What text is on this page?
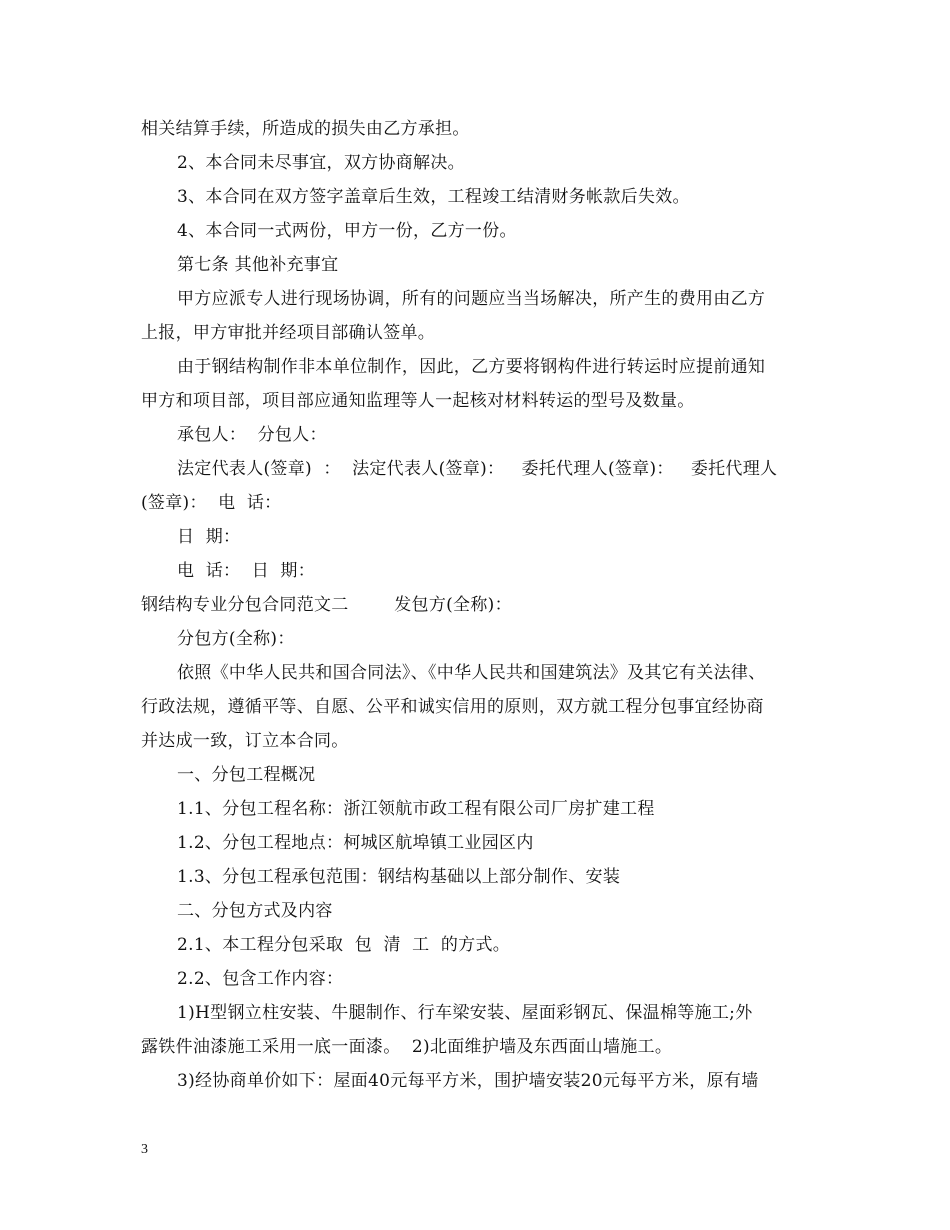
相关结算手续，所造成的损失由乙方承担。
2、本合同未尽事宜，双方协商解决。
3、本合同在双方签字盖章后生效，工程竣工结清财务帐款后失效。
4、本合同一式两份，甲方一份，乙方一份。
第七条 其他补充事宜
甲方应派专人进行现场协调，所有的问题应当当场解决，所产生的费用由乙方
上报，甲方审批并经项目部确认签单。
由于钢结构制作非本单位制作，因此，乙方要将钢构件进行转运时应提前通知
甲方和项目部，项目部应通知监理等人一起核对材料转运的型号及数量。
承包人：  分包人：
法定代表人(签章)  ：  法定代表人(签章)：   委托代理人(签章)：   委托代理人
(签章)：  电  话：
日  期：
电  话：  日  期：
钢结构专业分包合同范文二        发包方(全称)：
分包方(全称)：
依照《中华人民共和国合同法》、《中华人民共和国建筑法》及其它有关法律、
行政法规，遵循平等、自愿、公平和诚实信用的原则，双方就工程分包事宜经协商
并达成一致，订立本合同。
一、分包工程概况
1.1、分包工程名称：浙江领航市政工程有限公司厂房扩建工程
1.2、分包工程地点：柯城区航埠镇工业园区内
1.3、分包工程承包范围：钢结构基础以上部分制作、安装
二、分包方式及内容
2.1、本工程分包采取  包  清  工  的方式。
2.2、包含工作内容：
1)H型钢立柱安装、牛腿制作、行车梁安装、屋面彩钢瓦、保温棉等施工;外
露铁件油漆施工采用一底一面漆。  2)北面维护墙及东西面山墙施工。
3)经协商单价如下：屋面40元每平方米，围护墙安装20元每平方米，原有墙
3
